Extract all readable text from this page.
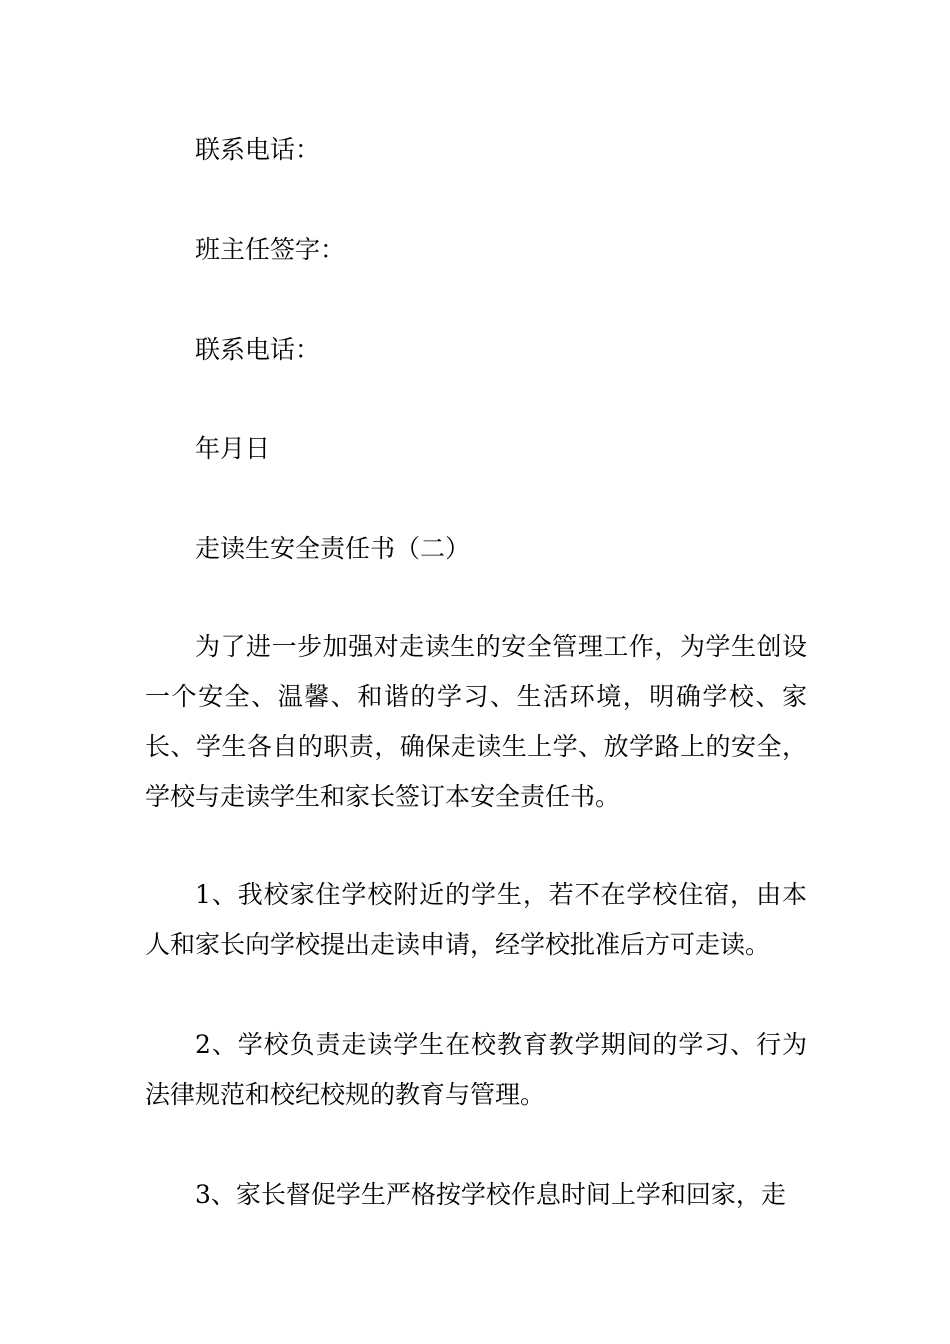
联系电话：
班主任签字：
联系电话：
年月日
走读生安全责任书（二）

为了进一步加强对走读生的安全管理工作，为学生创设一个安全、温馨、和谐的学习、生活环境，明确学校、家长、学生各自的职责，确保走读生上学、放学路上的安全，学校与走读学生和家长签订本安全责任书。

1、我校家住学校附近的学生，若不在学校住宿，由本人和家长向学校提出走读申请，经学校批准后方可走读。

2、学校负责走读学生在校教育教学期间的学习、行为法律规范和校纪校规的教育与管理。

3、家长督促学生严格按学校作息时间上学和回家，走
